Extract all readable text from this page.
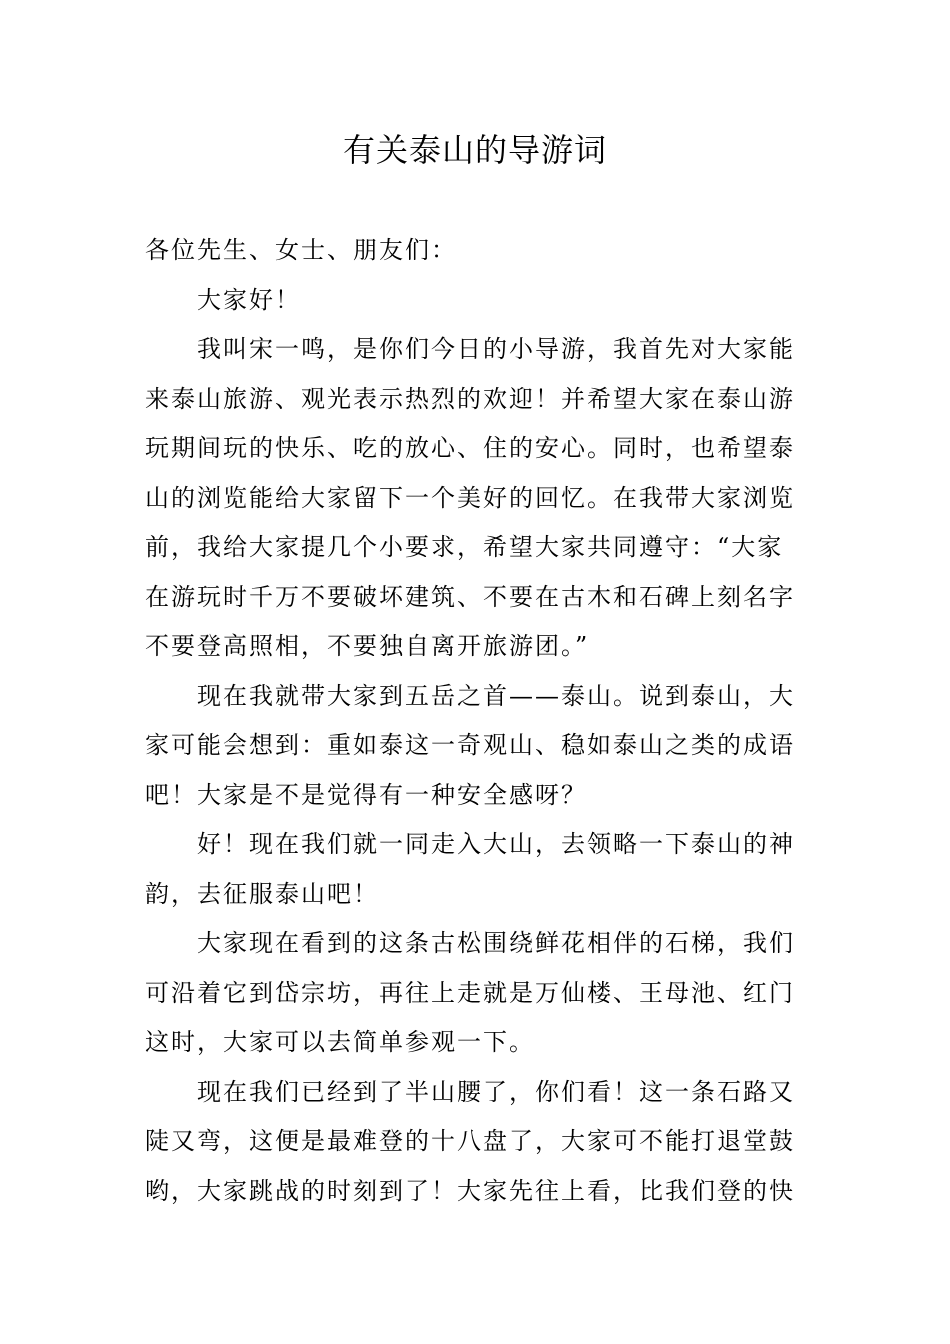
有关泰山的导游词
各位先生、女士、朋友们：
大家好！
我叫宋一鸣，是你们今日的小导游，我首先对大家能
来泰山旅游、观光表示热烈的欢迎！并希望大家在泰山游
玩期间玩的快乐、吃的放心、住的安心。同时，也希望泰
山的浏览能给大家留下一个美好的回忆。在我带大家浏览
前，我给大家提几个小要求，希望大家共同遵守：“大家
在游玩时千万不要破坏建筑、不要在古木和石碑上刻名字
不要登高照相，不要独自离开旅游团。”
现在我就带大家到五岳之首——泰山。说到泰山，大
家可能会想到：重如泰这一奇观山、稳如泰山之类的成语
吧！大家是不是觉得有一种安全感呀？
好！现在我们就一同走入大山，去领略一下泰山的神
韵，去征服泰山吧！
大家现在看到的这条古松围绕鲜花相伴的石梯，我们
可沿着它到岱宗坊，再往上走就是万仙楼、王母池、红门
这时，大家可以去简单参观一下。
现在我们已经到了半山腰了，你们看！这一条石路又
陡又弯，这便是最难登的十八盘了，大家可不能打退堂鼓
哟，大家跳战的时刻到了！大家先往上看，比我们登的快
